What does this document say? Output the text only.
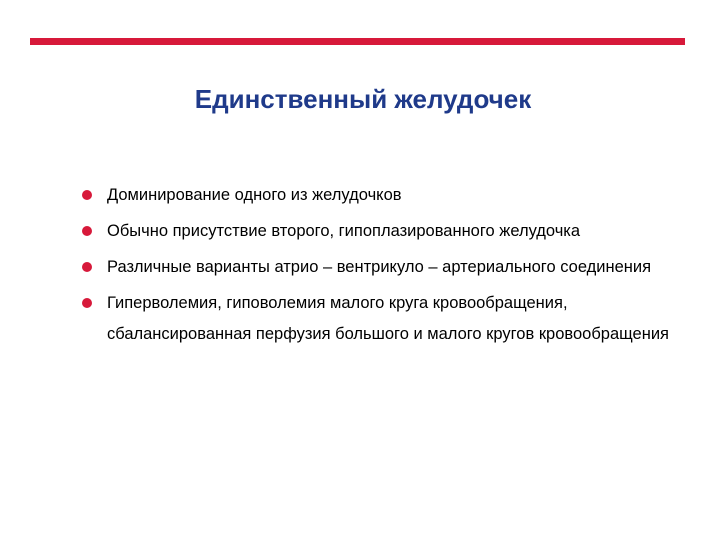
Единственный желудочек
Доминирование одного из желудочков
Обычно присутствие второго, гипоплазированного желудочка
Различные варианты атрио – вентрикуло – артериального соединения
Гиперволемия, гиповолемия малого круга кровообращения, сбалансированная перфузия большого и малого кругов кровообращения
